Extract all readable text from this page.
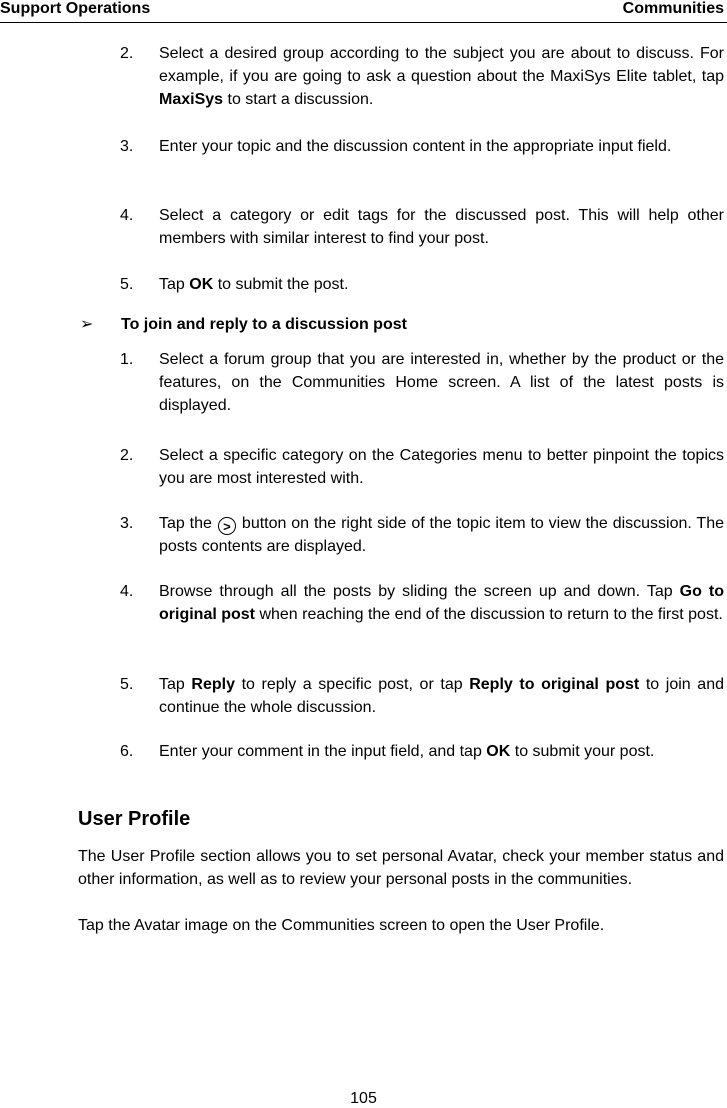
Support Operations	Communities
2. Select a desired group according to the subject you are about to discuss. For example, if you are going to ask a question about the MaxiSys Elite tablet, tap MaxiSys to start a discussion.
3. Enter your topic and the discussion content in the appropriate input field.
4. Select a category or edit tags for the discussed post. This will help other members with similar interest to find your post.
5. Tap OK to submit the post.
➢ To join and reply to a discussion post
1. Select a forum group that you are interested in, whether by the product or the features, on the Communities Home screen. A list of the latest posts is displayed.
2. Select a specific category on the Categories menu to better pinpoint the topics you are most interested with.
3. Tap the > button on the right side of the topic item to view the discussion. The posts contents are displayed.
4. Browse through all the posts by sliding the screen up and down. Tap Go to original post when reaching the end of the discussion to return to the first post.
5. Tap Reply to reply a specific post, or tap Reply to original post to join and continue the whole discussion.
6. Enter your comment in the input field, and tap OK to submit your post.
User Profile
The User Profile section allows you to set personal Avatar, check your member status and other information, as well as to review your personal posts in the communities.
Tap the Avatar image on the Communities screen to open the User Profile.
105
